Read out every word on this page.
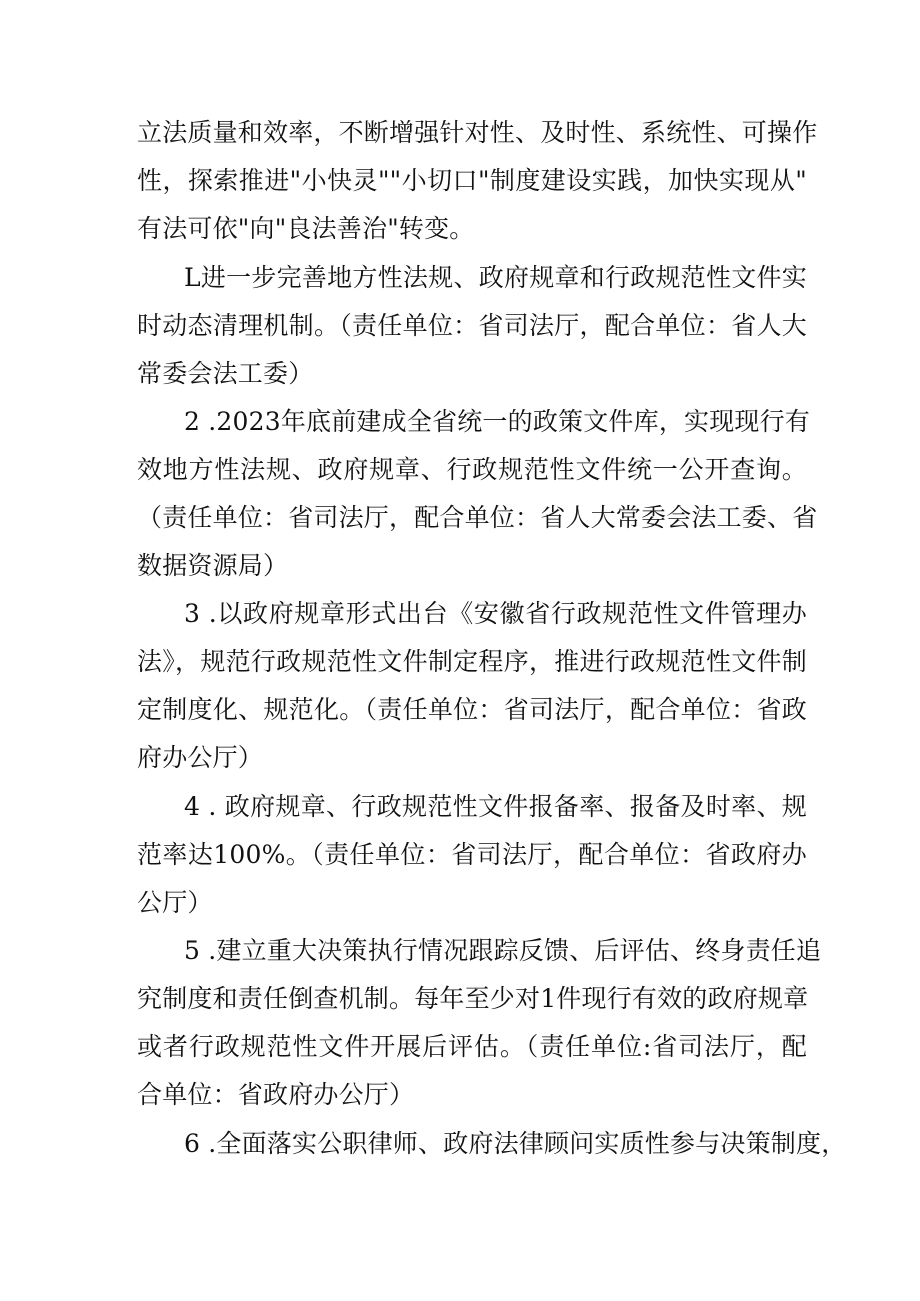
立法质量和效率，不断增强针对性、及时性、系统性、可操作
性，探索推进"小快灵""小切口"制度建设实践，加快实现从"
有法可依"向"良法善治"转变。
L进一步完善地方性法规、政府规章和行政规范性文件实
时动态清理机制。（责任单位：省司法厅，配合单位：省人大
常委会法工委）
2 .2023年底前建成全省统一的政策文件库，实现现行有
效地方性法规、政府规章、行政规范性文件统一公开查询。
（责任单位：省司法厅，配合单位：省人大常委会法工委、省
数据资源局）
3 .以政府规章形式出台《安徽省行政规范性文件管理办
法》，规范行政规范性文件制定程序，推进行政规范性文件制
定制度化、规范化。（责任单位：省司法厅，配合单位：省政
府办公厅）
4 . 政府规章、行政规范性文件报备率、报备及时率、规
范率达100%。（责任单位：省司法厅，配合单位：省政府办
公厅）
5 .建立重大决策执行情况跟踪反馈、后评估、终身责任追
究制度和责任倒查机制。每年至少对1件现行有效的政府规章
或者行政规范性文件开展后评估。（责任单位:省司法厅，配
合单位：省政府办公厅）
6 .全面落实公职律师、政府法律顾问实质性参与决策制度，
